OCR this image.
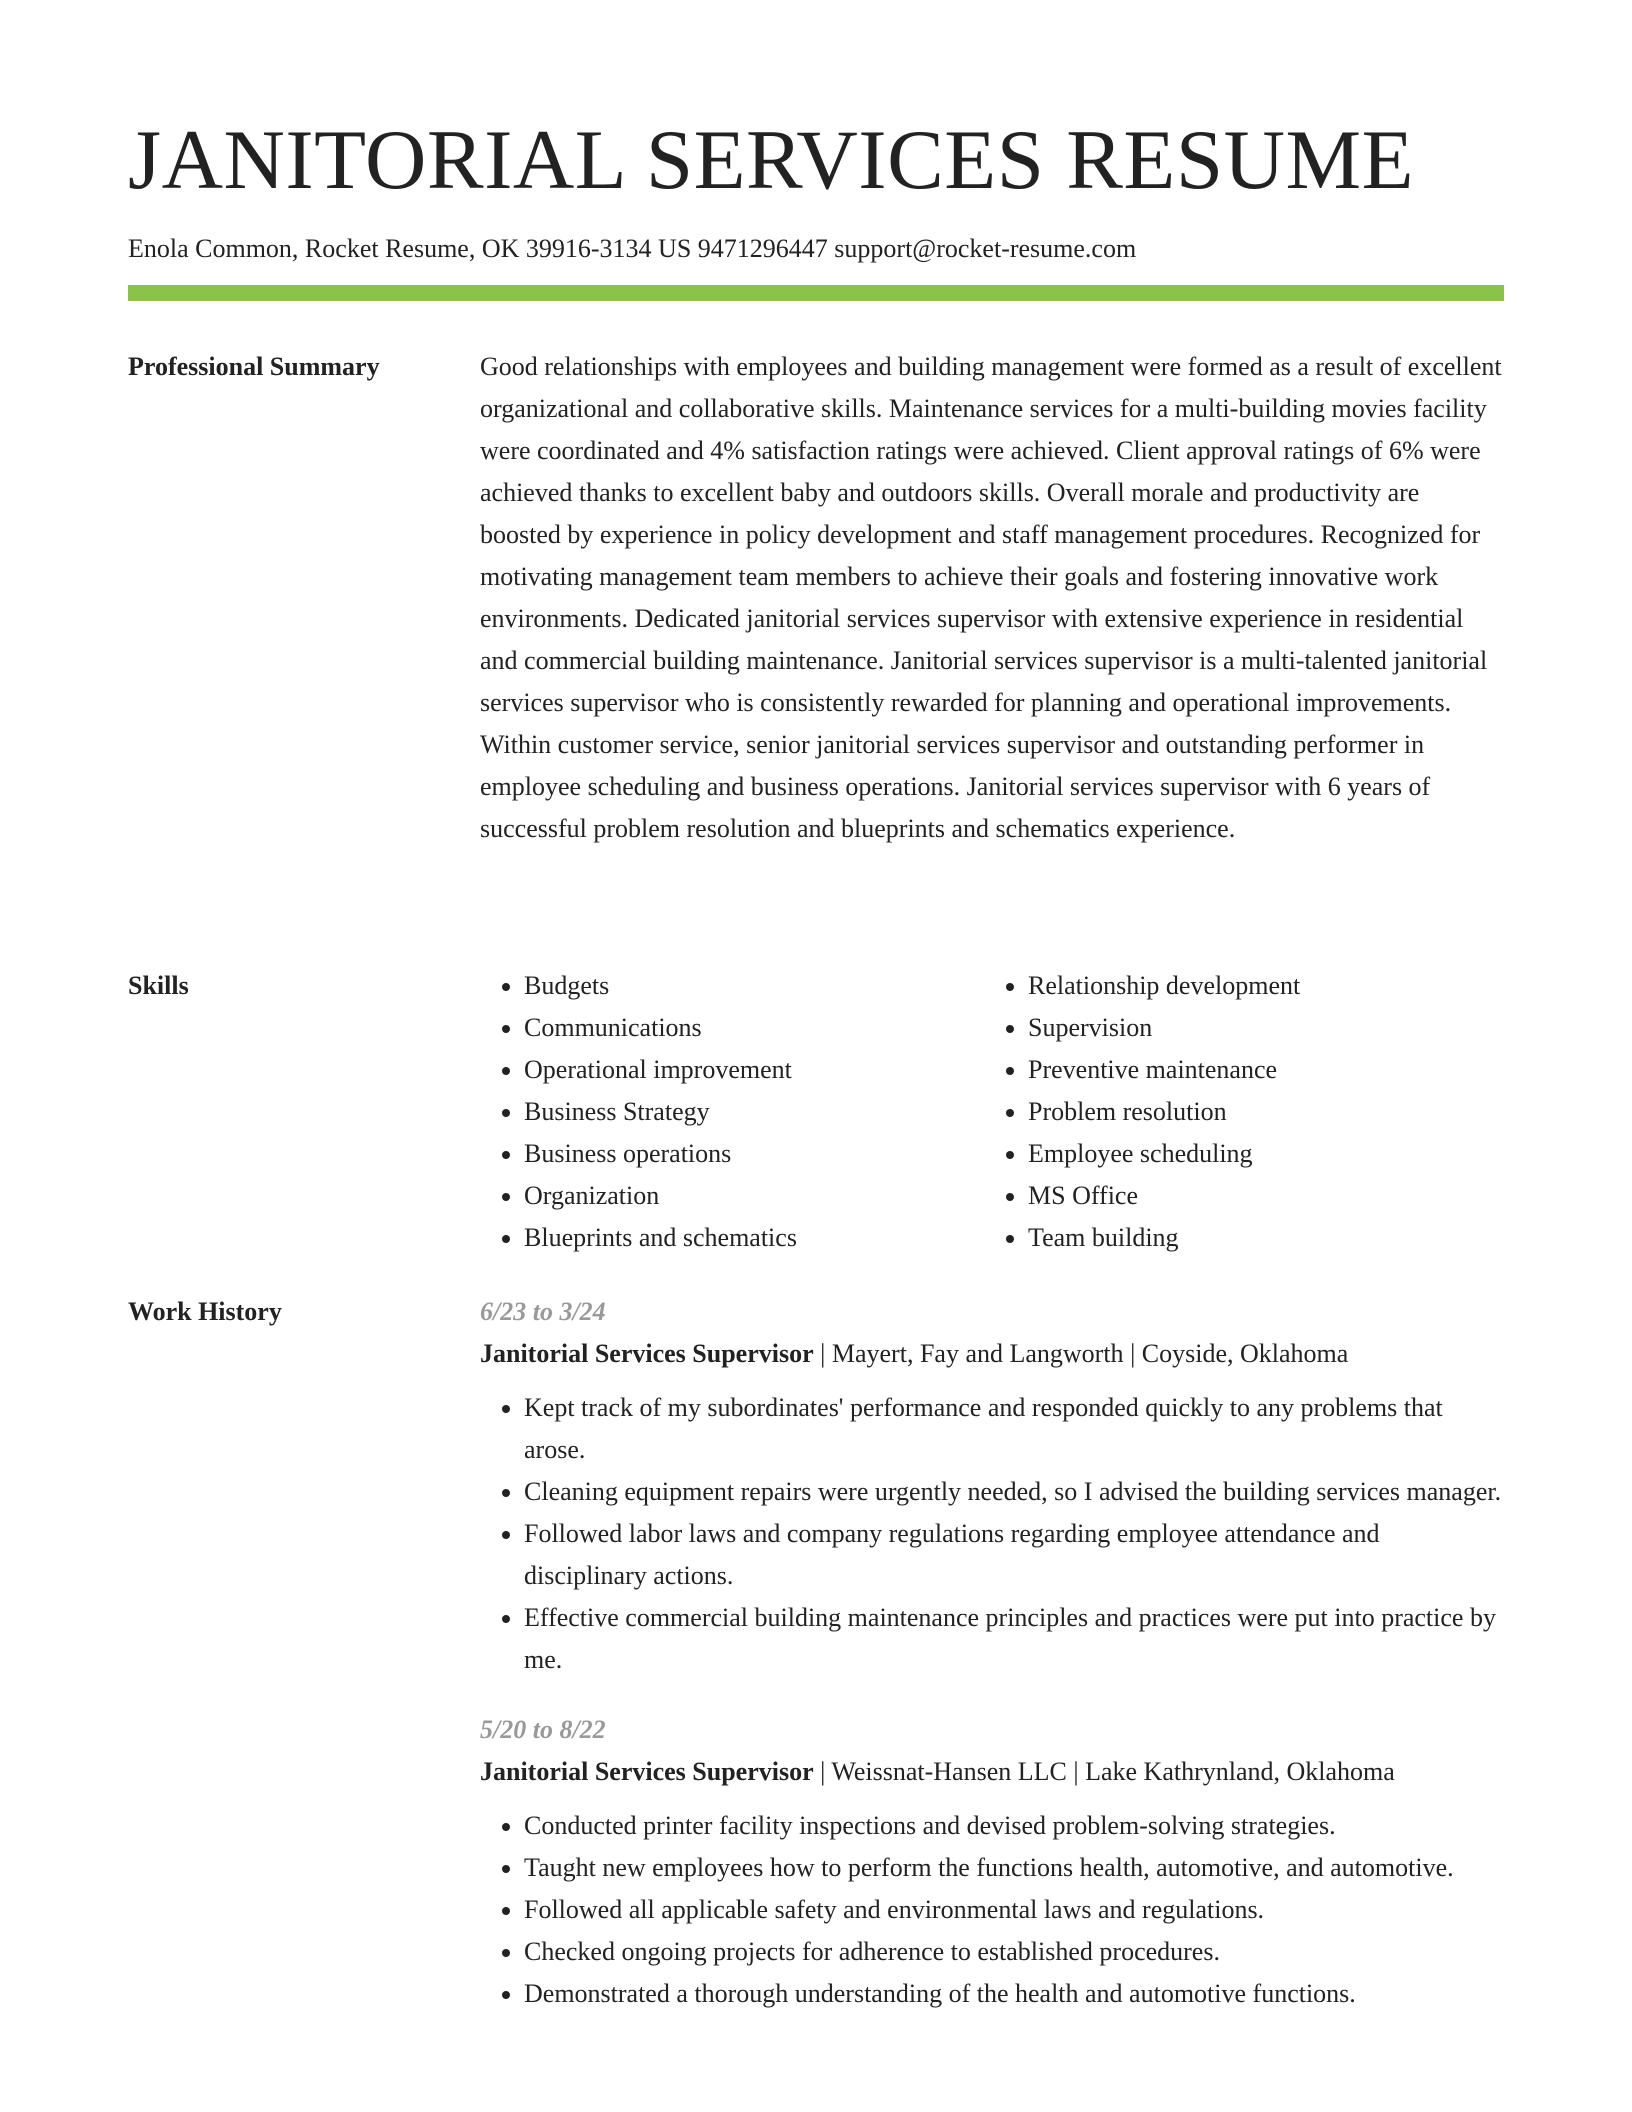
JANITORIAL SERVICES RESUME
Enola Common, Rocket Resume, OK 39916-3134 US 9471296447 support@rocket-resume.com
Professional Summary	Good relationships with employees and building management were formed as a result of excellent organizational and collaborative skills. Maintenance services for a multi-building movies facility were coordinated and 4% satisfaction ratings were achieved. Client approval ratings of 6% were achieved thanks to excellent baby and outdoors skills. Overall morale and productivity are boosted by experience in policy development and staff management procedures. Recognized for motivating management team members to achieve their goals and fostering innovative work environments. Dedicated janitorial services supervisor with extensive experience in residential and commercial building maintenance. Janitorial services supervisor is a multi-talented janitorial services supervisor who is consistently rewarded for planning and operational improvements. Within customer service, senior janitorial services supervisor and outstanding performer in employee scheduling and business operations. Janitorial services supervisor with 6 years of successful problem resolution and blueprints and schematics experience.

Skills
•	Budgets
• Communications
• Operational improvement
• Business Strategy
• Business operations
• Organization
• Blueprints and schematics
• Relationship development
• Supervision
• Preventive maintenance
• Problem resolution
• Employee scheduling
• MS Office
• Team building
Work History	6/23 to 3/24
Janitorial Services Supervisor | Mayert, Fay and Langworth | Coyside, Oklahoma
• Kept track of my subordinates' performance and responded quickly to any problems that arose.
• Cleaning equipment repairs were urgently needed, so I advised the building services manager.
• Followed labor laws and company regulations regarding employee attendance and disciplinary actions.
• Effective commercial building maintenance principles and practices were put into practice by me.
5/20 to 8/22
Janitorial Services Supervisor | Weissnat-Hansen LLC | Lake Kathrynland, Oklahoma
• Conducted printer facility inspections and devised problem-solving strategies.
• Taught new employees how to perform the functions health, automotive, and automotive.
• Followed all applicable safety and environmental laws and regulations.
• Checked ongoing projects for adherence to established procedures.
• Demonstrated a thorough understanding of the health and automotive functions.
